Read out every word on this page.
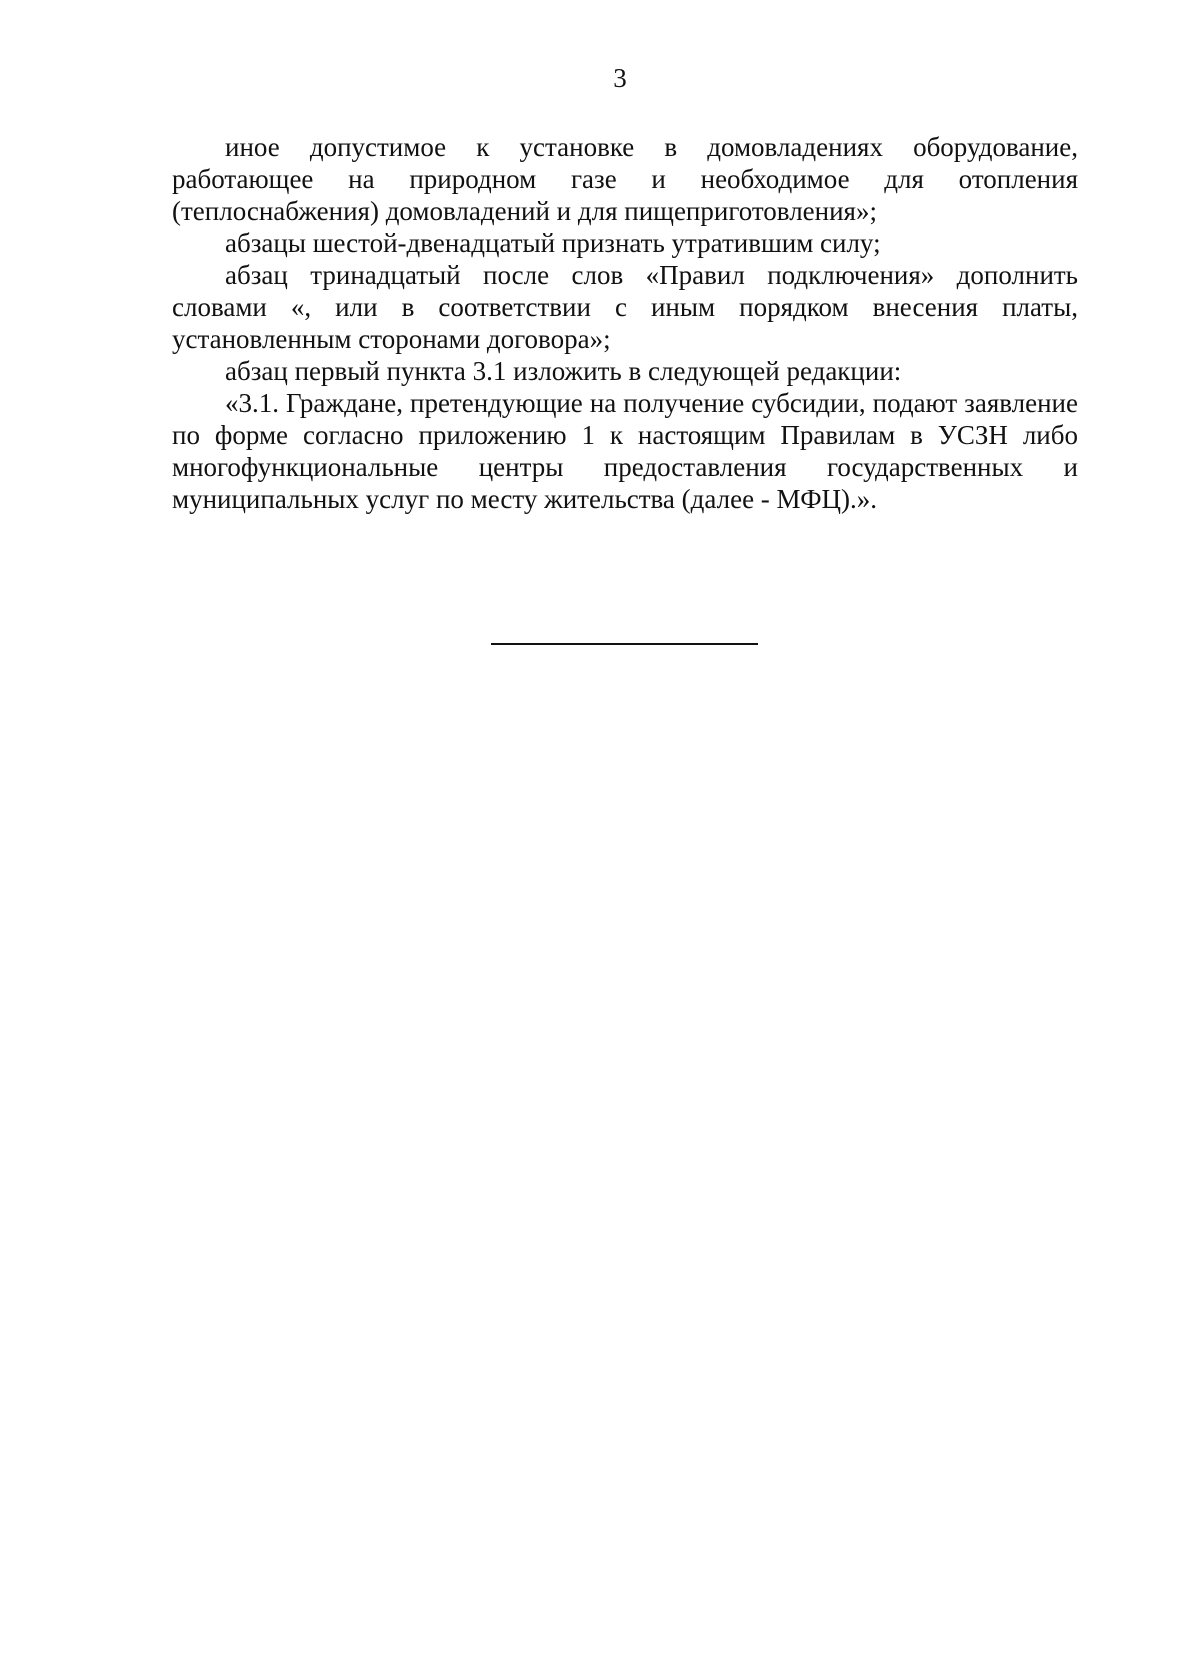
3

иное допустимое к установке в домовладениях оборудование, работающее на природном газе и необходимое для отопления (теплоснабжения) домовладений и для пищеприготовления»;

абзацы шестой-двенадцатый признать утратившим силу;

абзац тринадцатый после слов «Правил подключения» дополнить словами «, или в соответствии с иным порядком внесения платы, установленным сторонами договора»;

абзац первый пункта 3.1 изложить в следующей редакции:

«3.1. Граждане, претендующие на получение субсидии, подают заявление по форме согласно приложению 1 к настоящим Правилам в УСЗН либо многофункциональные центры предоставления государственных и муниципальных услуг по месту жительства (далее - МФЦ).».
